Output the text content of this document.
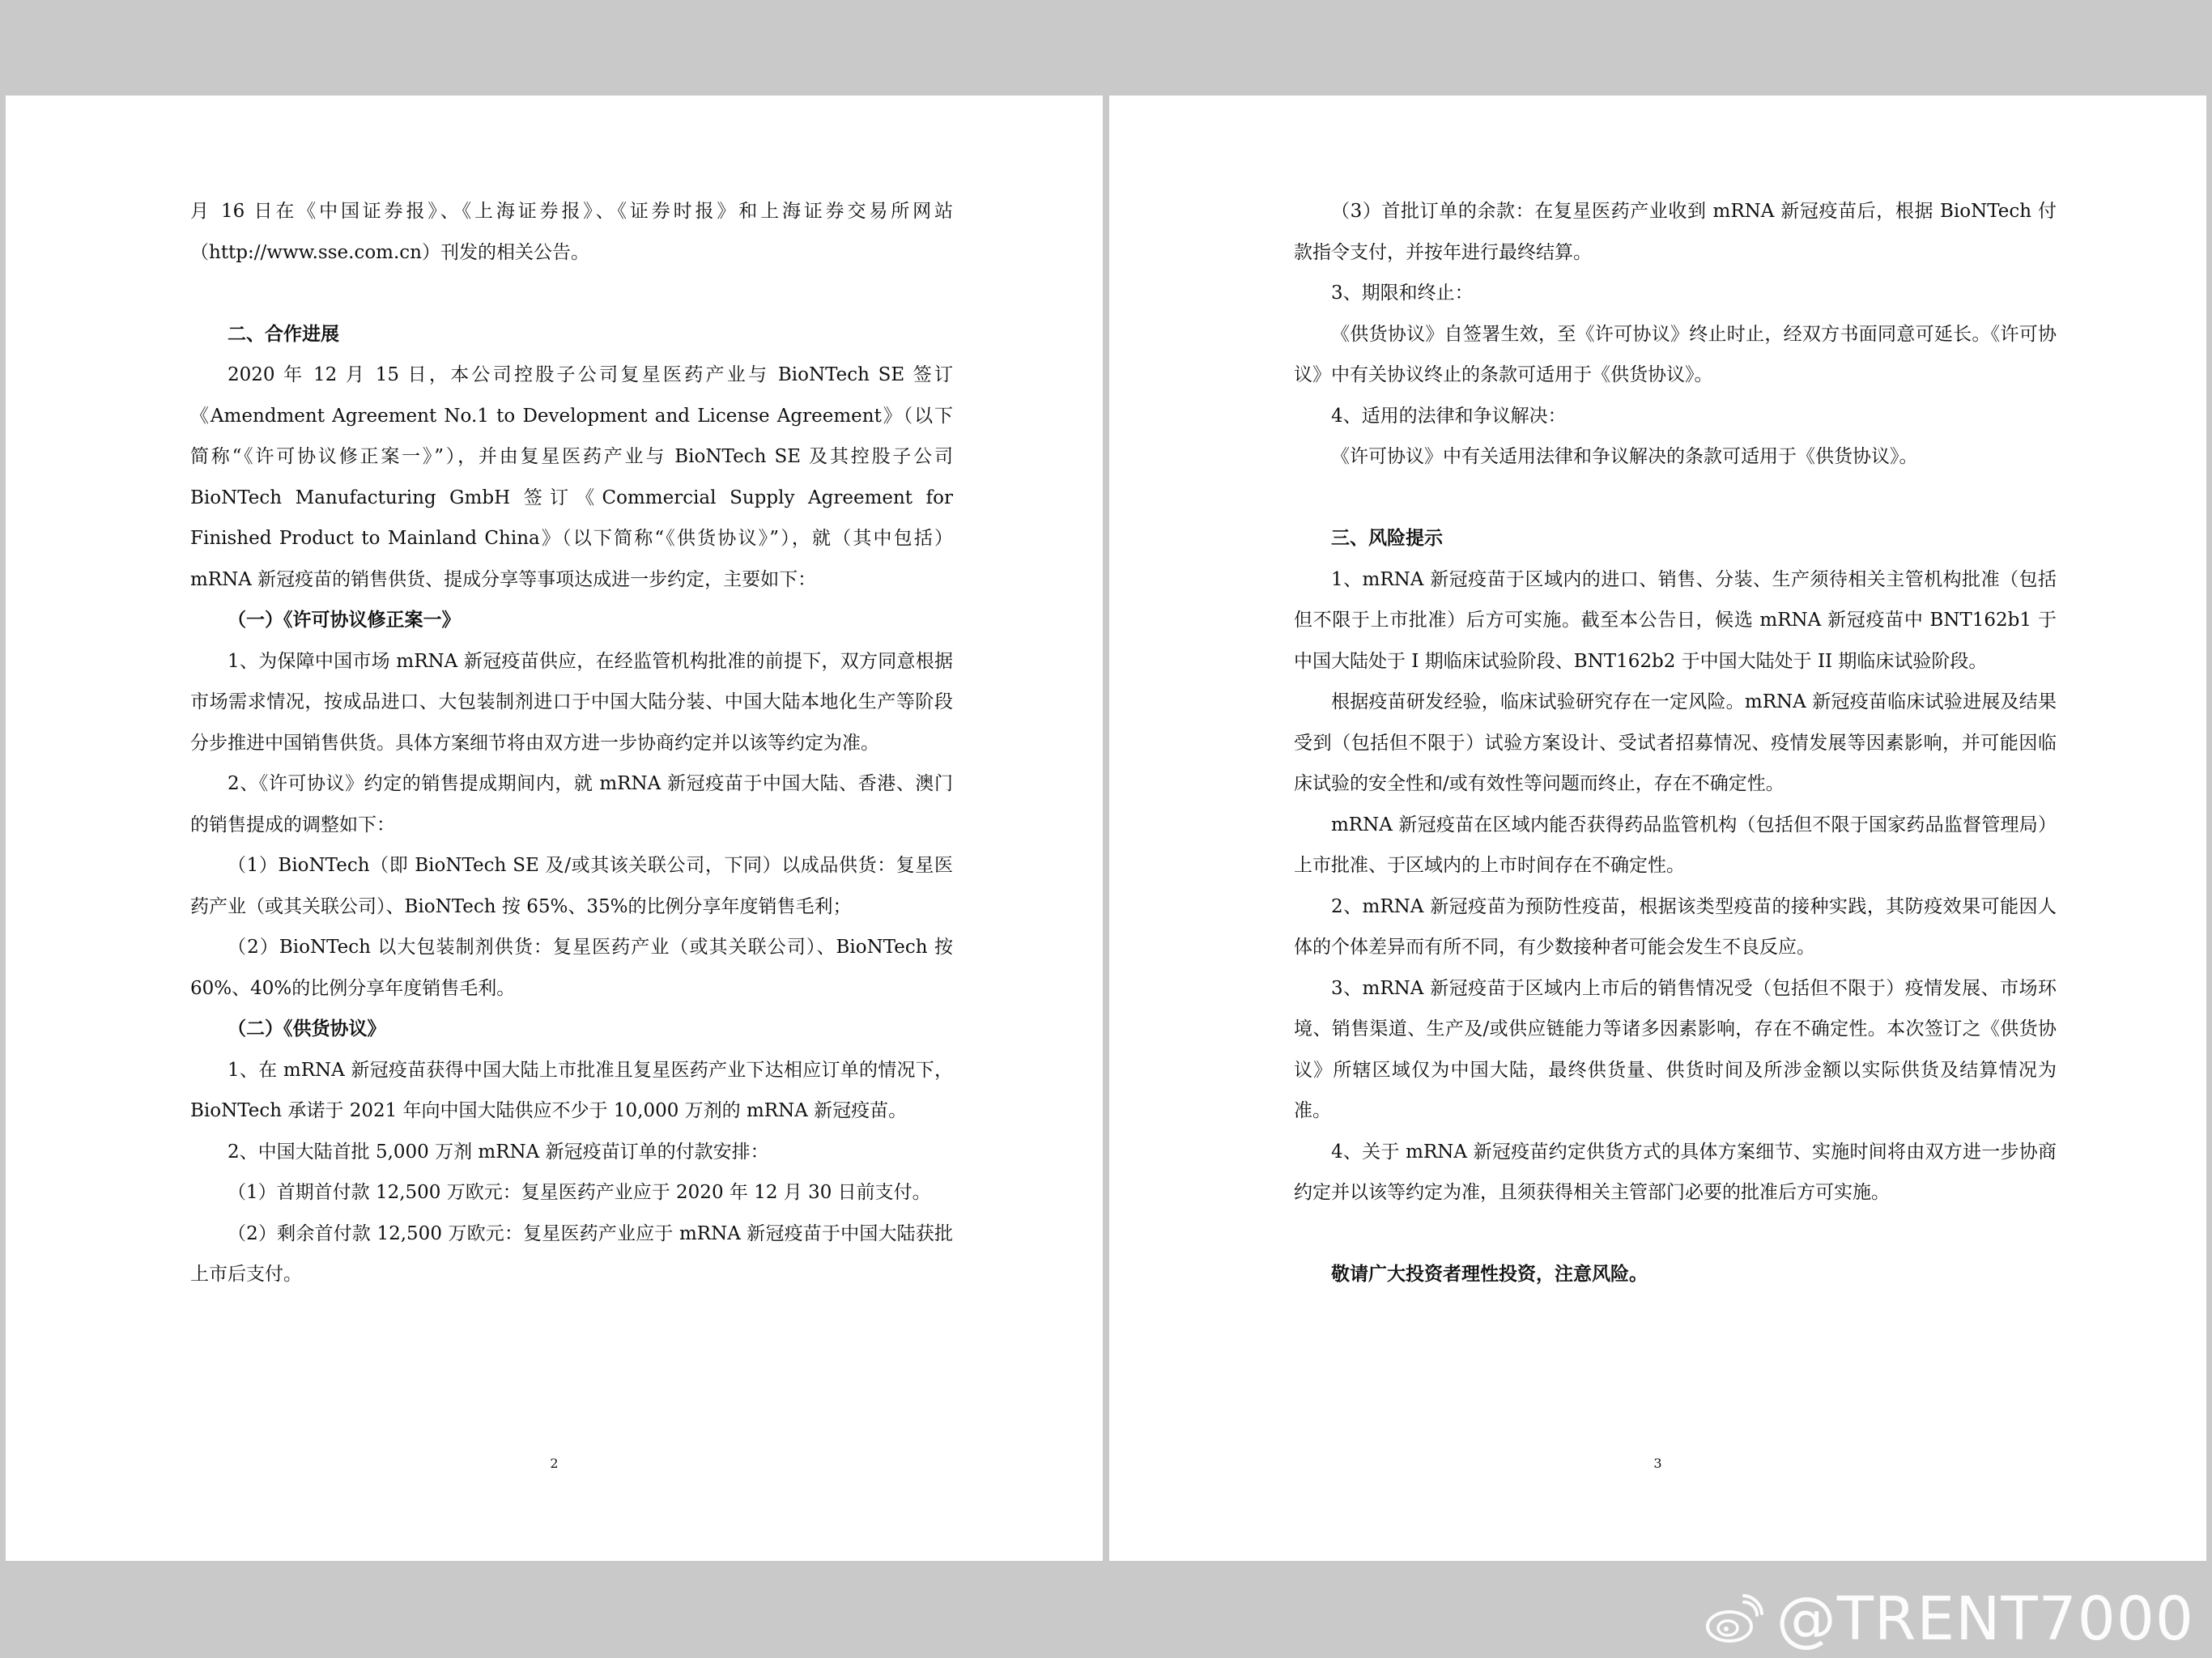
月 16 日在《中国证券报》、《上海证券报》、《证券时报》和上海证券交易所网站（http://www.sse.com.cn）刊发的相关公告。

二、合作进展

2020 年 12 月 15 日，本公司控股子公司复星医药产业与 BioNTech SE 签订《Amendment Agreement No.1 to Development and License Agreement》（以下简称“《许可协议修正案一》”），并由复星医药产业与 BioNTech SE 及其控股子公司 BioNTech Manufacturing GmbH 签订《Commercial Supply Agreement for Finished Product to Mainland China》（以下简称“《供货协议》”），就（其中包括）mRNA 新冠疫苗的销售供货、提成分享等事项达成进一步约定，主要如下：

（一）《许可协议修正案一》

1、为保障中国市场 mRNA 新冠疫苗供应，在经监管机构批准的前提下，双方同意根据市场需求情况，按成品进口、大包装制剂进口于中国大陆分装、中国大陆本地化生产等阶段分步推进中国销售供货。具体方案细节将由双方进一步协商约定并以该等约定为准。

2、《许可协议》约定的销售提成期间内，就 mRNA 新冠疫苗于中国大陆、香港、澳门的销售提成的调整如下：

（1）BioNTech（即 BioNTech SE 及/或其该关联公司，下同）以成品供货：复星医药产业（或其关联公司）、BioNTech 按 65%、35%的比例分享年度销售毛利；

（2）BioNTech 以大包装制剂供货：复星医药产业（或其关联公司）、BioNTech 按 60%、40%的比例分享年度销售毛利。

（二）《供货协议》

1、在 mRNA 新冠疫苗获得中国大陆上市批准且复星医药产业下达相应订单的情况下，BioNTech 承诺于 2021 年向中国大陆供应不少于 10,000 万剂的 mRNA 新冠疫苗。

2、中国大陆首批 5,000 万剂 mRNA 新冠疫苗订单的付款安排：

（1）首期首付款 12,500 万欧元：复星医药产业应于 2020 年 12 月 30 日前支付。

（2）剩余首付款 12,500 万欧元：复星医药产业应于 mRNA 新冠疫苗于中国大陆获批上市后支付。

2

（3）首批订单的余款：在复星医药产业收到 mRNA 新冠疫苗后，根据 BioNTech 付款指令支付，并按年进行最终结算。

3、期限和终止：

《供货协议》自签署生效，至《许可协议》终止时止，经双方书面同意可延长。《许可协议》中有关协议终止的条款可适用于《供货协议》。

4、适用的法律和争议解决：

《许可协议》中有关适用法律和争议解决的条款可适用于《供货协议》。

三、风险提示

1、mRNA 新冠疫苗于区域内的进口、销售、分装、生产须待相关主管机构批准（包括但不限于上市批准）后方可实施。截至本公告日，候选 mRNA 新冠疫苗中 BNT162b1 于中国大陆处于 I 期临床试验阶段、BNT162b2 于中国大陆处于 II 期临床试验阶段。

根据疫苗研发经验，临床试验研究存在一定风险。mRNA 新冠疫苗临床试验进展及结果受到（包括但不限于）试验方案设计、受试者招募情况、疫情发展等因素影响，并可能因临床试验的安全性和/或有效性等问题而终止，存在不确定性。

mRNA 新冠疫苗在区域内能否获得药品监管机构（包括但不限于国家药品监督管理局）上市批准、于区域内的上市时间存在不确定性。

2、mRNA 新冠疫苗为预防性疫苗，根据该类型疫苗的接种实践，其防疫效果可能因人体的个体差异而有所不同，有少数接种者可能会发生不良反应。

3、mRNA 新冠疫苗于区域内上市后的销售情况受（包括但不限于）疫情发展、市场环境、销售渠道、生产及/或供应链能力等诸多因素影响，存在不确定性。本次签订之《供货协议》所辖区域仅为中国大陆，最终供货量、供货时间及所涉金额以实际供货及结算情况为准。

4、关于 mRNA 新冠疫苗约定供货方式的具体方案细节、实施时间将由双方进一步协商约定并以该等约定为准，且须获得相关主管部门必要的批准后方可实施。

敬请广大投资者理性投资，注意风险。

3
@TRENT7000
